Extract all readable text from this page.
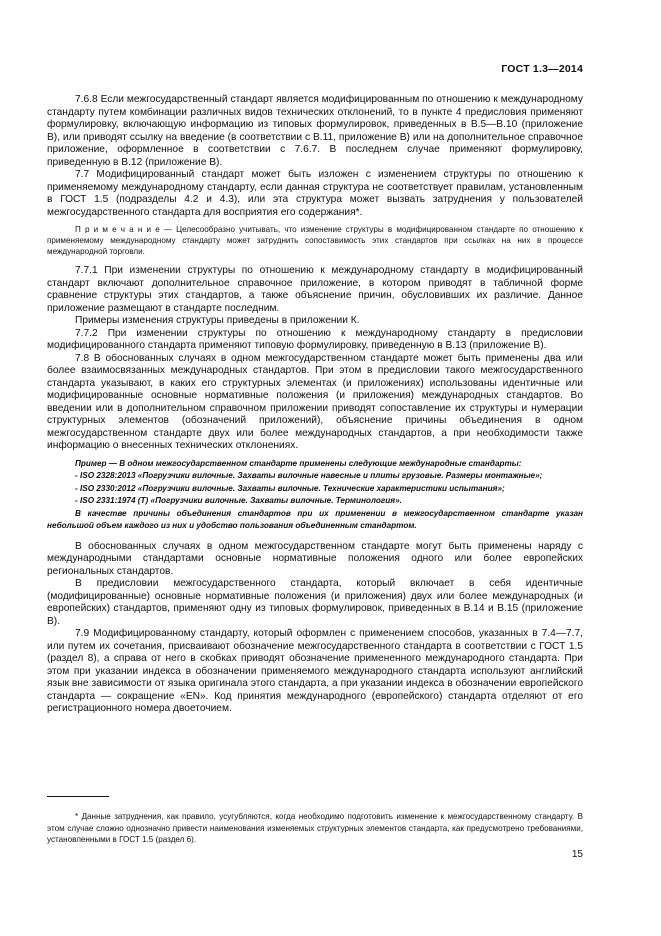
ГОСТ 1.3—2014

7.6.8 Если межгосударственный стандарт является модифицированным по отношению к международному стандарту путем комбинации различных видов технических отклонений, то в пункте 4 предисловия применяют формулировку, включающую информацию из типовых формулировок, приведенных в В.5—В.10 (приложение В), или приводят ссылку на введение (в соответствии с В.11, приложение В) или на дополнительное справочное приложение, оформленное в соответствии с 7.6.7. В последнем случае применяют формулировку, приведенную в В.12 (приложение В).

7.7 Модифицированный стандарт может быть изложен с изменением структуры по отношению к применяемому международному стандарту, если данная структура не соответствует правилам, установленным в ГОСТ 1.5 (подразделы 4.2 и 4.3), или эта структура может вызвать затруднения у пользователей межгосударственного стандарта для восприятия его содержания*.

П р и м е ч а н и е — Целесообразно учитывать, что изменение структуры в модифицированном стандарте по отношению к применяемому международному стандарту может затруднить сопоставимость этих стандартов при ссылках на них в процессе международной торговли.

7.7.1 При изменении структуры по отношению к международному стандарту в модифицированный стандарт включают дополнительное справочное приложение, в котором приводят в табличной форме сравнение структуры этих стандартов, а также объяснение причин, обусловивших их различие. Данное приложение размещают в стандарте последним.

Примеры изменения структуры приведены в приложении К.

7.7.2 При изменении структуры по отношению к международному стандарту в предисловии модифицированного стандарта применяют типовую формулировку, приведенную в В.13 (приложение В).

7.8 В обоснованных случаях в одном межгосударственном стандарте может быть применены два или более взаимосвязанных международных стандартов. При этом в предисловии такого межгосударственного стандарта указывают, в каких его структурных элементах (и приложениях) использованы идентичные или модифицированные основные нормативные положения (и приложения) международных стандартов. Во введении или в дополнительном справочном приложении приводят сопоставление их структуры и нумерации структурных элементов (обозначений приложений), объяснение причины объединения в одном межгосударственном стандарте двух или более международных стандартов, а при необходимости также информацию о внесенных технических отклонениях.

Пример — В одном межгосударственном стандарте применены следующие международные стандарты:

- ISO 2328:2013 «Погрузчики вилочные. Захваты вилочные навесные и плиты грузовые. Размеры монтажные»;

- ISO 2330:2012 «Погрузчики вилочные. Захваты вилочные. Технические характеристики испытания»;

- ISO 2331:1974 (Т) «Погрузчики вилочные. Захваты вилочные. Терминология».

В качестве причины объединения стандартов при их применении в межгосударственном стандарте указан небольшой объем каждого из них и удобство пользования объединенным стандартом.

В обоснованных случаях в одном межгосударственном стандарте могут быть применены наряду с международными стандартами основные нормативные положения одного или более европейских региональных стандартов.

В предисловии межгосударственного стандарта, который включает в себя идентичные (модифицированные) основные нормативные положения (и приложения) двух или более международных (и европейских) стандартов, применяют одну из типовых формулировок, приведенных в В.14 и В.15 (приложение В).

7.9 Модифицированному стандарту, который оформлен с применением способов, указанных в 7.4—7.7, или путем их сочетания, присваивают обозначение межгосударственного стандарта в соответствии с ГОСТ 1.5 (раздел 8), а справа от него в скобках приводят обозначение примененного международного стандарта. При этом при указании индекса в обозначении применяемого международного стандарта используют английский язык вне зависимости от языка оригинала этого стандарта, а при указании индекса в обозначении европейского стандарта — сокращение «EN». Код принятия международного (европейского) стандарта отделяют от его регистрационного номера двоеточием.

* Данные затруднения, как правило, усугубляются, когда необходимо подготовить изменение к межгосударственному стандарту. В этом случае сложно однозначно привести наименования изменяемых структурных элементов стандарта, как предусмотрено требованиями, установленными в ГОСТ 1.5 (раздел 6).

15
